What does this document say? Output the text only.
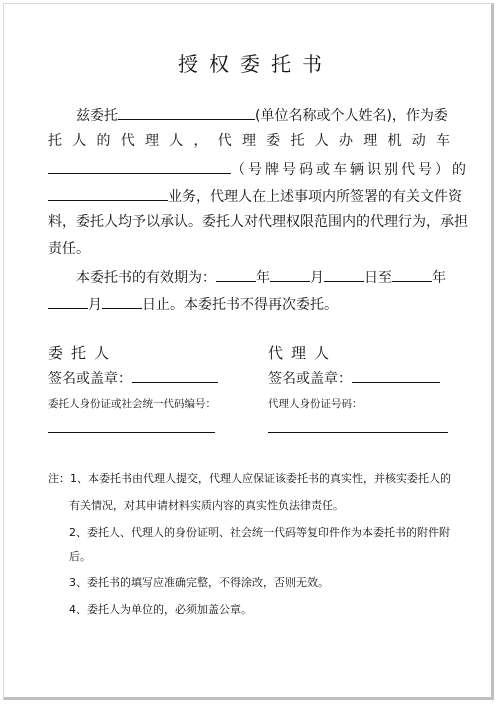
授权委托书
兹委托	(单位名称或个人姓名)，作为委
托 人 的 代 理 人 ， 代 理 委 托 人 办 理 机 动 车
（号牌号码或车辆识别代号）的
业务，代理人在上述事项内所签署的有关文件资
料，委托人均予以承认。委托人对代理权限范围内的代理行为，承担
责任。
本委托书的有效期为：	年	月	日至	年
月	日止。本委托书不得再次委托。
委托人	代理人
签名或盖章：	签名或盖章：
委托人身份证或社会统一代码编号：	代理人身份证号码：
注：1、本委托书由代理人提交，代理人应保证该委托书的真实性，并核实委托人的
有关情况，对其申请材料实质内容的真实性负法律责任。
2、委托人、代理人的身份证明、社会统一代码等复印件作为本委托书的附件附
后。
3、委托书的填写应准确完整，不得涂改，否则无效。
4、委托人为单位的，必须加盖公章。
